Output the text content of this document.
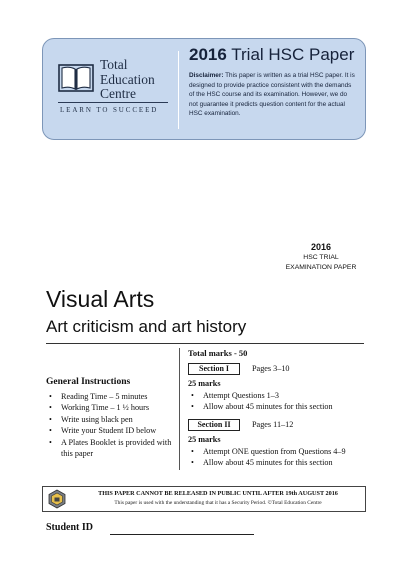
Total
Education
Centre
LEARN TO SUCCEED
2016 Trial HSC Paper
Disclaimer: This paper is written as a trial HSC paper. It is designed to provide practice consistent with the demands of the HSC course and its examination. However, we do not guarantee it predicts question content for the actual HSC examination.
2016
HSC TRIAL
EXAMINATION PAPER
Visual Arts
Art criticism and art history
General Instructions
• Reading Time – 5 minutes
• Working Time – 1 ½ hours
• Write using black pen
• Write your Student ID below
• A Plates Booklet is provided with this paper
Total marks - 50
Section I	Pages 3–10
25 marks
• Attempt Questions 1–3
• Allow about 45 minutes for this section
Section II	Pages 11–12
25 marks
• Attempt ONE question from Questions 4–9
• Allow about 45 minutes for this section
THIS PAPER CANNOT BE RELEASED IN PUBLIC UNTIL AFTER 19th AUGUST 2016
This paper is used with the understanding that it has a Security Period. ©Total Education Centre
Student ID
